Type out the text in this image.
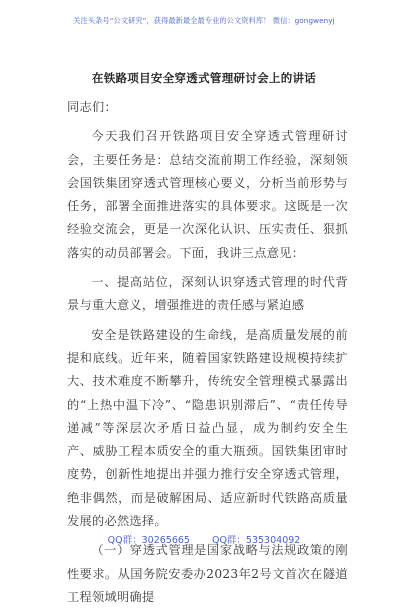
关注头条号“公文研究”，获得最新最全最专业的公文资料库！ 微信：gongwenyj
在铁路项目安全穿透式管理研讨会上的讲话

同志们：

今天我们召开铁路项目安全穿透式管理研讨会，主要任务是：总结交流前期工作经验，深刻领会国铁集团穿透式管理核心要义，分析当前形势与任务，部署全面推进落实的具体要求。这既是一次经验交流会，更是一次深化认识、压实责任、狠抓落实的动员部署会。下面，我讲三点意见：

一、提高站位，深刻认识穿透式管理的时代背景与重大意义，增强推进的责任感与紧迫感

安全是铁路建设的生命线，是高质量发展的前提和底线。近年来，随着国家铁路建设规模持续扩大、技术难度不断攀升，传统安全管理模式暴露出的“上热中温下冷”、“隐患识别滞后”、“责任传导递减”等深层次矛盾日益凸显，成为制约安全生产、威胁工程本质安全的重大瓶颈。国铁集团审时度势，创新性地提出并强力推行安全穿透式管理，绝非偶然，而是破解困局、适应新时代铁路高质量发展的必然选择。

（一）穿透式管理是国家战略与法规政策的刚性要求。从国务院安委办2023年2号文首次在隧道工程领域明确提

QQ群：30265665 QQ群：535304092
